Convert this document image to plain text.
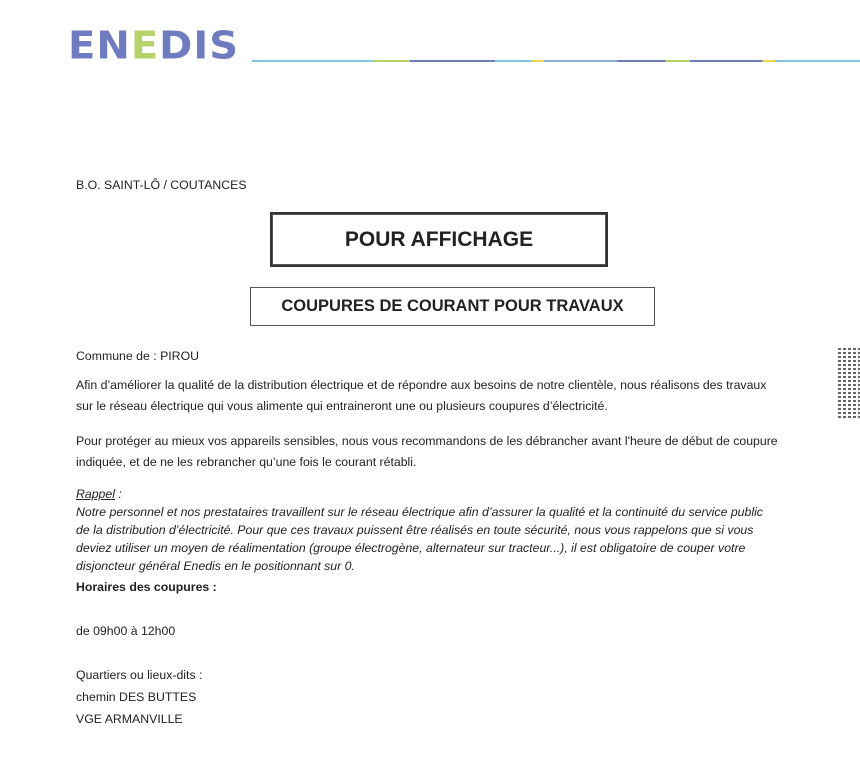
ENEDIS
B.O. SAINT-LÔ / COUTANCES
POUR AFFICHAGE
COUPURES DE COURANT POUR TRAVAUX
Commune de : PIROU
Afin d’améliorer la qualité de la distribution électrique et de répondre aux besoins de notre clientèle, nous réalisons des travaux
sur le réseau électrique qui vous alimente qui entraineront une ou plusieurs coupures d’électricité.
Pour protéger au mieux vos appareils sensibles, nous vous recommandons de les débrancher avant l'heure de début de coupure
indiquée, et de ne les rebrancher qu’une fois le courant rétabli.
Rappel :
Notre personnel et nos prestataires travaillent sur le réseau électrique afin d’assurer la qualité et la continuité du service public
de la distribution d’électricité. Pour que ces travaux puissent être réalisés en toute sécurité, nous vous rappelons que si vous
deviez utiliser un moyen de réalimentation (groupe électrogène, alternateur sur tracteur...), il est obligatoire de couper votre
disjoncteur général Enedis en le positionnant sur 0.
Horaires des coupures :
de 09h00 à 12h00
Quartiers ou lieux-dits :
chemin DES BUTTES
VGE ARMANVILLE
